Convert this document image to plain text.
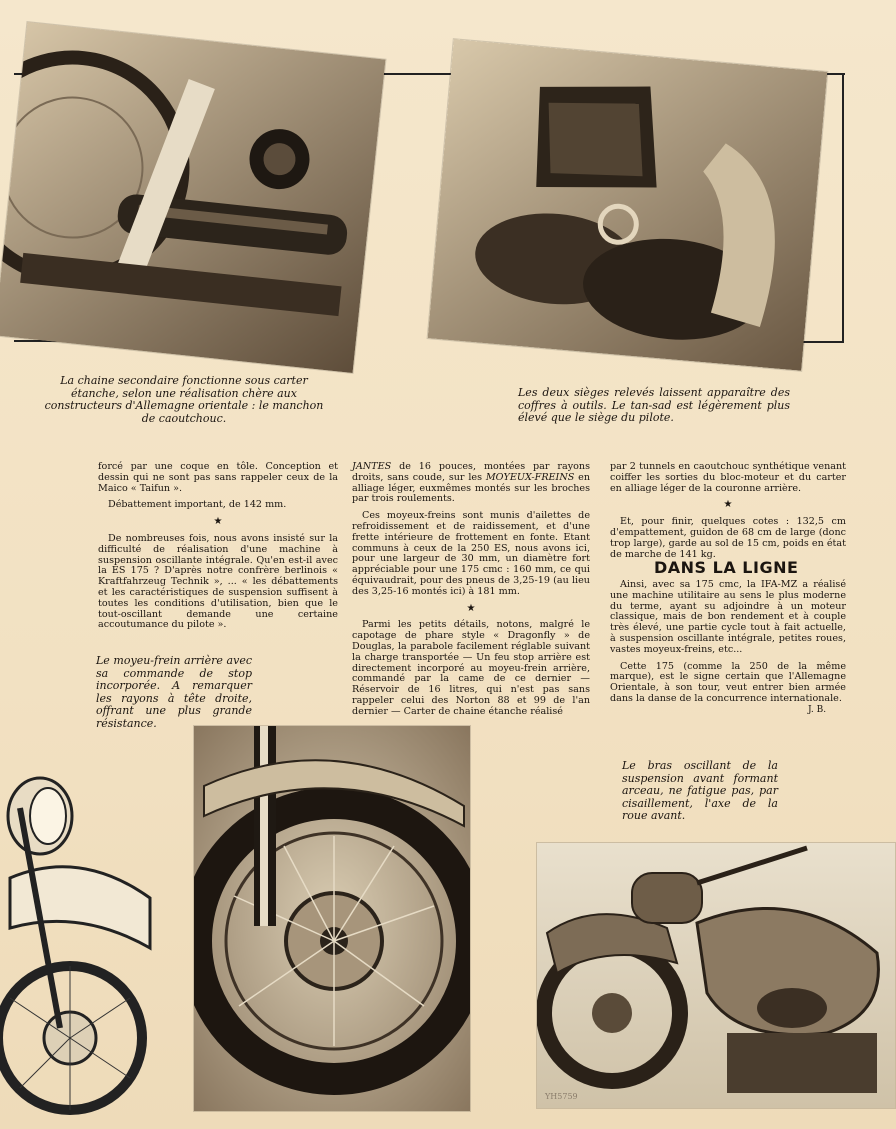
La chaine secondaire fonctionne sous carter étanche, selon une réalisation chère aux constructeurs d'Allemagne orientale : le manchon de caoutchouc.
Les deux sièges relevés laissent apparaître des coffres à outils. Le tan-sad est légèrement plus élevé que le siège du pilote.

forcé par une coque en tôle. Conception et dessin qui ne sont pas sans rappeler ceux de la Maico « Taifun ».

Débattement important, de 142 mm.

★

De nombreuses fois, nous avons insisté sur la difficulté de réalisation d'une machine à suspension oscillante intégrale. Qu'en est-il avec la ES 175 ? D'après notre confrère berlinois « Kraftfahrzeug Technik », ... « les débattements et les caractéristiques de suspension suffisent à toutes les conditions d'utilisation, bien que le tout-oscillant demande une certaine accoutumance du pilote ».

Le moyeu-frein arrière avec sa commande de stop incorporée. A remarquer les rayons à tête droite, offrant une plus grande résistance.

JANTES de 16 pouces, montées par rayons droits, sans coude, sur les MOYEUX-FREINS en alliage léger, euxmêmes montés sur les broches par trois roulements.

Ces moyeux-freins sont munis d'ailettes de refroidissement et de raidissement, et d'une frette intérieure de frottement en fonte. Etant communs à ceux de la 250 ES, nous avons ici, pour une largeur de 30 mm, un diamètre fort appréciable pour une 175 cmc : 160 mm, ce qui équivaudrait, pour des pneus de 3,25-19 (au lieu des 3,25-16 montés ici) à 181 mm.

★

Parmi les petits détails, notons, malgré le capotage de phare style « Dragonfly » de Douglas, la parabole facilement réglable suivant la charge transportée — Un feu stop arrière est directement incorporé au moyeu-frein arrière, commandé par la came de ce dernier — Réservoir de 16 litres, qui n'est pas sans rappeler celui des Norton 88 et 99 de l'an dernier — Carter de chaine étanche réalisé

par 2 tunnels en caoutchouc synthétique venant coiffer les sorties du bloc-moteur et du carter en alliage léger de la couronne arrière.

★

Et, pour finir, quelques cotes : 132,5 cm d'empattement, guidon de 68 cm de large (donc trop large), garde au sol de 15 cm, poids en état de marche de 141 kg.

DANS LA LIGNE

Ainsi, avec sa 175 cmc, la IFA-MZ a réalisé une machine utilitaire au sens le plus moderne du terme, ayant su adjoindre à un moteur classique, mais de bon rendement et à couple très élevé, une partie cycle tout à fait actuelle, à suspension oscillante intégrale, petites roues, vastes moyeux-freins, etc...

Cette 175 (comme la 250 de la même marque), est le signe certain que l'Allemagne Orientale, à son tour, veut entrer bien armée dans la danse de la concurrence internationale.

J. B.
Le bras oscillant de la suspension avant formant arceau, ne fatigue pas, par cisaillement, l'axe de la roue avant.
YH5759
